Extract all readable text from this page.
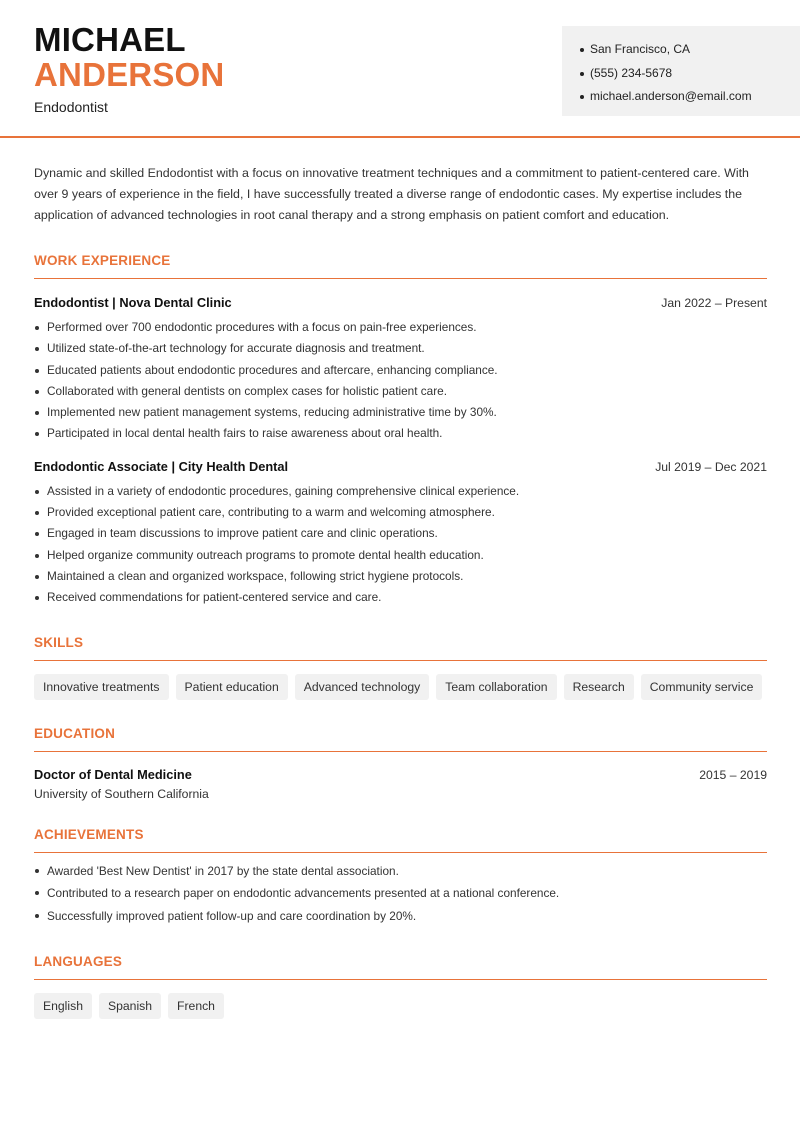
MICHAEL
ANDERSON
Endodontist
San Francisco, CA
(555) 234-5678
michael.anderson@email.com

Dynamic and skilled Endodontist with a focus on innovative treatment techniques and a commitment to patient-centered care. With over 9 years of experience in the field, I have successfully treated a diverse range of endodontic cases. My expertise includes the application of advanced technologies in root canal therapy and a strong emphasis on patient comfort and education.

WORK EXPERIENCE
Endodontist | Nova Dental Clinic	Jan 2022 – Present
Performed over 700 endodontic procedures with a focus on pain-free experiences.
Utilized state-of-the-art technology for accurate diagnosis and treatment.
Educated patients about endodontic procedures and aftercare, enhancing compliance.
Collaborated with general dentists on complex cases for holistic patient care.
Implemented new patient management systems, reducing administrative time by 30%.
Participated in local dental health fairs to raise awareness about oral health.
Endodontic Associate | City Health Dental	Jul 2019 – Dec 2021
Assisted in a variety of endodontic procedures, gaining comprehensive clinical experience.
Provided exceptional patient care, contributing to a warm and welcoming atmosphere.
Engaged in team discussions to improve patient care and clinic operations.
Helped organize community outreach programs to promote dental health education.
Maintained a clean and organized workspace, following strict hygiene protocols.
Received commendations for patient-centered service and care.
SKILLS
Innovative treatments	Patient education	Advanced technology	Team collaboration	Research	Community service
EDUCATION
Doctor of Dental Medicine	2015 – 2019
University of Southern California
ACHIEVEMENTS
Awarded 'Best New Dentist' in 2017 by the state dental association.
Contributed to a research paper on endodontic advancements presented at a national conference.
Successfully improved patient follow-up and care coordination by 20%.
LANGUAGES
English	Spanish	French
